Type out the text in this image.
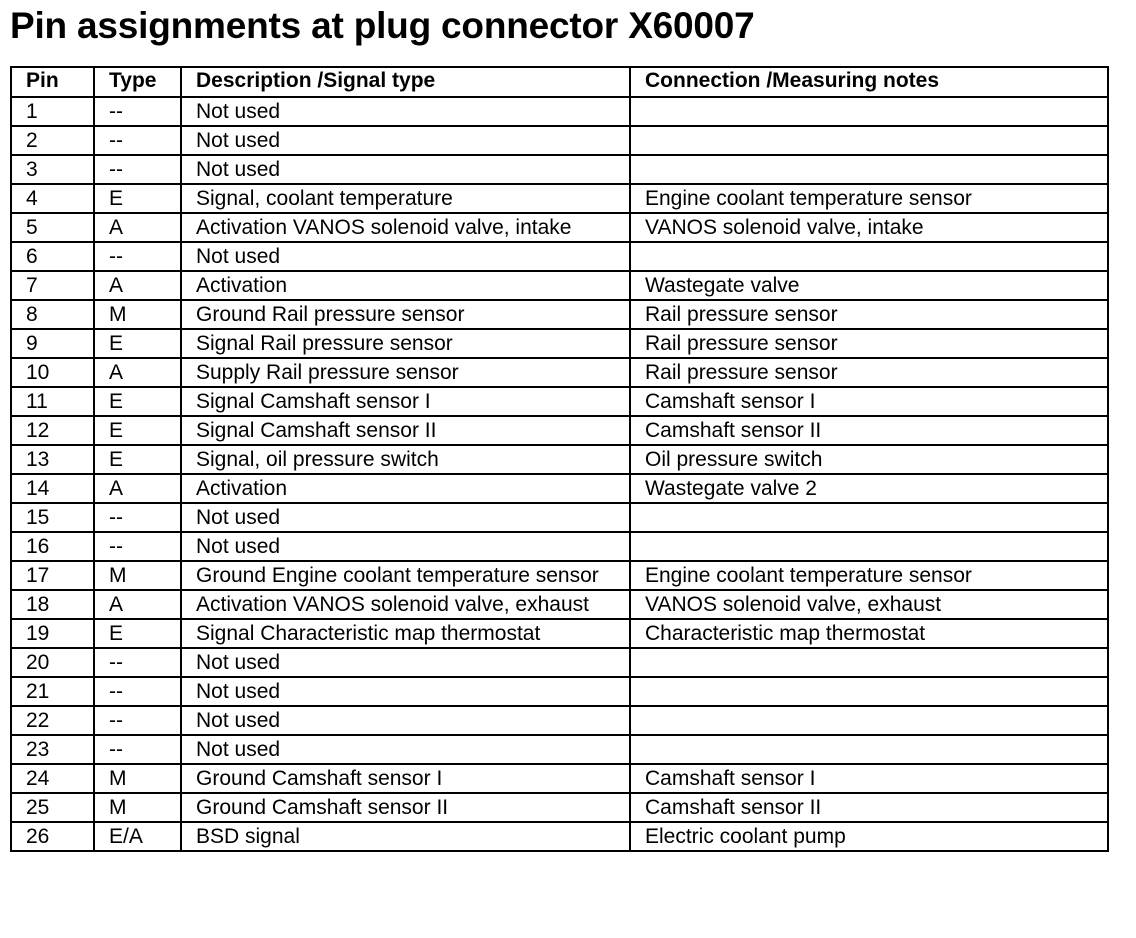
Pin assignments at plug connector X60007
Pin	Type	Description /Signal type	Connection /Measuring notes
1	--	Not used	
2	--	Not used	
3	--	Not used	
4	E	Signal, coolant temperature	Engine coolant temperature sensor
5	A	Activation VANOS solenoid valve, intake	VANOS solenoid valve, intake
6	--	Not used	
7	A	Activation	Wastegate valve
8	M	Ground Rail pressure sensor	Rail pressure sensor
9	E	Signal Rail pressure sensor	Rail pressure sensor
10	A	Supply Rail pressure sensor	Rail pressure sensor
11	E	Signal Camshaft sensor I	Camshaft sensor I
12	E	Signal Camshaft sensor II	Camshaft sensor II
13	E	Signal, oil pressure switch	Oil pressure switch
14	A	Activation	Wastegate valve 2
15	--	Not used	
16	--	Not used	
17	M	Ground Engine coolant temperature sensor	Engine coolant temperature sensor
18	A	Activation VANOS solenoid valve, exhaust	VANOS solenoid valve, exhaust
19	E	Signal Characteristic map thermostat	Characteristic map thermostat
20	--	Not used	
21	--	Not used	
22	--	Not used	
23	--	Not used	
24	M	Ground Camshaft sensor I	Camshaft sensor I
25	M	Ground Camshaft sensor II	Camshaft sensor II
26	E/A	BSD signal	Electric coolant pump
